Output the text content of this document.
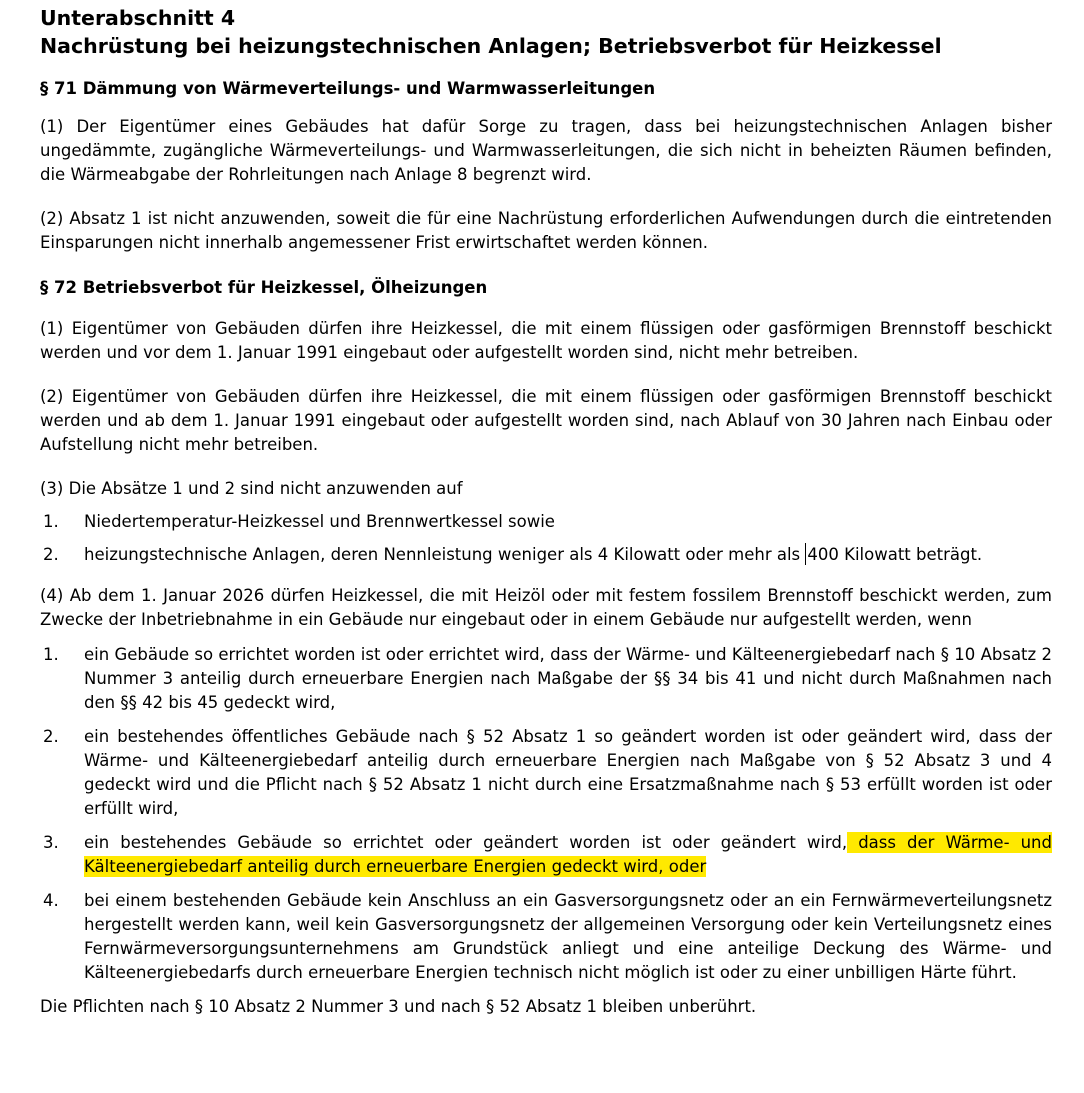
Unterabschnitt 4
Nachrüstung bei heizungstechnischen Anlagen; Betriebsverbot für Heizkessel
§ 71 Dämmung von Wärmeverteilungs- und Warmwasserleitungen

(1) Der Eigentümer eines Gebäudes hat dafür Sorge zu tragen, dass bei heizungstechnischen Anlagen bisher ungedämmte, zugängliche Wärmeverteilungs- und Warmwasserleitungen, die sich nicht in beheizten Räumen befinden, die Wärmeabgabe der Rohrleitungen nach Anlage 8 begrenzt wird.

(2) Absatz 1 ist nicht anzuwenden, soweit die für eine Nachrüstung erforderlichen Aufwendungen durch die eintretenden Einsparungen nicht innerhalb angemessener Frist erwirtschaftet werden können.

§ 72 Betriebsverbot für Heizkessel, Ölheizungen

(1) Eigentümer von Gebäuden dürfen ihre Heizkessel, die mit einem flüssigen oder gasförmigen Brennstoff beschickt werden und vor dem 1. Januar 1991 eingebaut oder aufgestellt worden sind, nicht mehr betreiben.

(2) Eigentümer von Gebäuden dürfen ihre Heizkessel, die mit einem flüssigen oder gasförmigen Brennstoff beschickt werden und ab dem 1. Januar 1991 eingebaut oder aufgestellt worden sind, nach Ablauf von 30 Jahren nach Einbau oder Aufstellung nicht mehr betreiben.

(3) Die Absätze 1 und 2 sind nicht anzuwenden auf

1. Niedertemperatur-Heizkessel und Brennwertkessel sowie
2. heizungstechnische Anlagen, deren Nennleistung weniger als 4 Kilowatt oder mehr als 400 Kilowatt beträgt.

(4) Ab dem 1. Januar 2026 dürfen Heizkessel, die mit Heizöl oder mit festem fossilem Brennstoff beschickt werden, zum Zwecke der Inbetriebnahme in ein Gebäude nur eingebaut oder in einem Gebäude nur aufgestellt werden, wenn

1. ein Gebäude so errichtet worden ist oder errichtet wird, dass der Wärme- und Kälteenergiebedarf nach § 10 Absatz 2 Nummer 3 anteilig durch erneuerbare Energien nach Maßgabe der §§ 34 bis 41 und nicht durch Maßnahmen nach den §§ 42 bis 45 gedeckt wird,
2. ein bestehendes öffentliches Gebäude nach § 52 Absatz 1 so geändert worden ist oder geändert wird, dass der Wärme- und Kälteenergiebedarf anteilig durch erneuerbare Energien nach Maßgabe von § 52 Absatz 3 und 4 gedeckt wird und die Pflicht nach § 52 Absatz 1 nicht durch eine Ersatzmaßnahme nach § 53 erfüllt worden ist oder erfüllt wird,
3. ein bestehendes Gebäude so errichtet oder geändert worden ist oder geändert wird, dass der Wärme- und Kälteenergiebedarf anteilig durch erneuerbare Energien gedeckt wird, oder
4. bei einem bestehenden Gebäude kein Anschluss an ein Gasversorgungsnetz oder an ein Fernwärmeverteilungsnetz hergestellt werden kann, weil kein Gasversorgungsnetz der allgemeinen Versorgung oder kein Verteilungsnetz eines Fernwärmeversorgungsunternehmens am Grundstück anliegt und eine anteilige Deckung des Wärme- und Kälteenergiebedarfs durch erneuerbare Energien technisch nicht möglich ist oder zu einer unbilligen Härte führt.

Die Pflichten nach § 10 Absatz 2 Nummer 3 und nach § 52 Absatz 1 bleiben unberührt.
